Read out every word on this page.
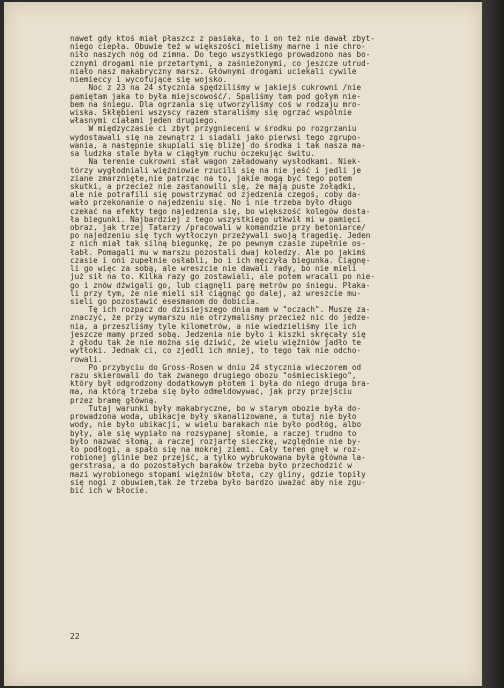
nawet gdy ktoś miał płaszcz z pasiaka, to i on też nie dawał zbyt-
niego ciepła. Obuwie też w większości mieliśmy marne i nie chro-
niło naszych nóg od zimna. Do tego wszystkiego prowadzono nas bo-
cznymi drogami nie przetartymi, a zaśnieżonymi, co jeszcze utrud-
niało nasz makabryczny marsz. Głównymi drogami uciekali cywile
niemieccy i wycofujące się wojsko.
Noc z 23 na 24 stycznia spędziliśmy w jakiejś cukrowni /nie
pamiętam jaka to była miejscowość/. Spaliśmy tam pod gołym nie-
bem na śniegu. Dla ogrzania się utworzyliśmy coś w rodzaju mro-
wiska. Skłębieni wszyscy razem staraliśmy się ogrzać wspólnie
własnymi ciałami jeden drugiego.
W międzyczasie ci zbyt przygnieceni w środku po rozgrzaniu
wydostawali się na zewnątrz i siadali jako pierwsi tego zgrupo-
wania, a następnie skupiali się bliżej do środka i tak nasza ma-
sa ludzka stale była w ciągłym ruchu oczekując świtu.
Na terenie cukrowni stał wagon załadowany wysłodkami. Niek-
tórzy wygłodniali więźniowie rzucili się na nie jeść i jedli je
ziane zmarznięte,nie patrząc na to, jakie mogą być tego potem
skutki, a przecież nie zastanowili się, że mają puste żołądki,
ale nie potrafili się powstrzymać od zjedzenia czegoś, coby da-
wało przekonanie o najedzeniu się. No i nie trzeba było długo
czekać na efekty tego najedzenia się, bo większość kolegów dosta-
ła biegunki. Najbardziej z tego wszystkiego utkwił mi w pamięci
obraz, jak trzej Tatarzy /pracowali w komandzie przy betoniarce/
po najedzeniu się tych wytłoczyn przeżywali swoją tragedię. Jeden
z nich miał tak silną biegunkę, że po pewnym czasie zupełnie os-
łabł. Pomagali mu w marszu pozostali dwaj koledzy. Ale po jakimś
czasie i oni zupełnie osłabli, bo i ich męczyła biegunka. Ciągnę-
li go więc za sobą, ale wreszcie nie dawali rady, bo nie mieli
już sił na to. Kilka razy go zostawiali, ale potem wracali po nie-
go i znów dźwigali go, lub ciągnęli parę metrów po śniegu. Płaka-
li przy tym, że nie mieli sił ciągnąć go dalej, aż wreszcie mu-
sieli go pozostawić esesmanom do dobicia.
Tę ich rozpacz do dzisiejszego dnia mam w "oczach". Muszę za-
znaczyć, że przy wymarszu nie otrzymaliśmy przecież nic do jedze-
nia, a przeszliśmy tyle kilometrów, a nie wiedzieliśmy ile ich
jeszcze mamy przed sobą. Jedzenia nie było i kiszki skręcały się
z głodu tak że nie można się dziwić, że wielu więźniów jadło te
wytłoki. Jednak ci, co zjedli ich mniej, to tego tak nie odcho-
rowali.
Po przybyciu do Gross-Rosen w dniu 24 stycznia wieczorem od
razu skierowali do tak zwanego drugiego obozu "ośmieciskiego",
który był odgrodzony dodatkowym płotem i była do niego druga bra-
ma, na którą trzeba się było odmeldowywać, jak przy przejściu
przez bramę główną.
Tutaj warunki były makabryczne, bo w starym obozie była do-
prowadzona woda, ubikacje były skanalizowane, a tutaj nie było
wody, nie było ubikacji, w wielu barakach nie było podłóg, albo
były, ale się wypiało na rozsypanej słomie, a raczej trudno to
było nazwać słomą, a raczej rozjartę sieczkę, względnie nie by-
ło podłogi, a spało się na mokrej ziemi. Cały teren gnęł w roz-
robionej glinie bez przejść, a tylko wybrukowana była główna la-
gerstrasa, a do pozostałych baraków trzeba było przechodzić w
mazi wyrobionego stopami więźniów błota, czy gliny, gdzie topiły
się nogi z obuwiem,tak że trzeba było bardzo uważać aby nie zgu-
bić ich w błocie.
22
